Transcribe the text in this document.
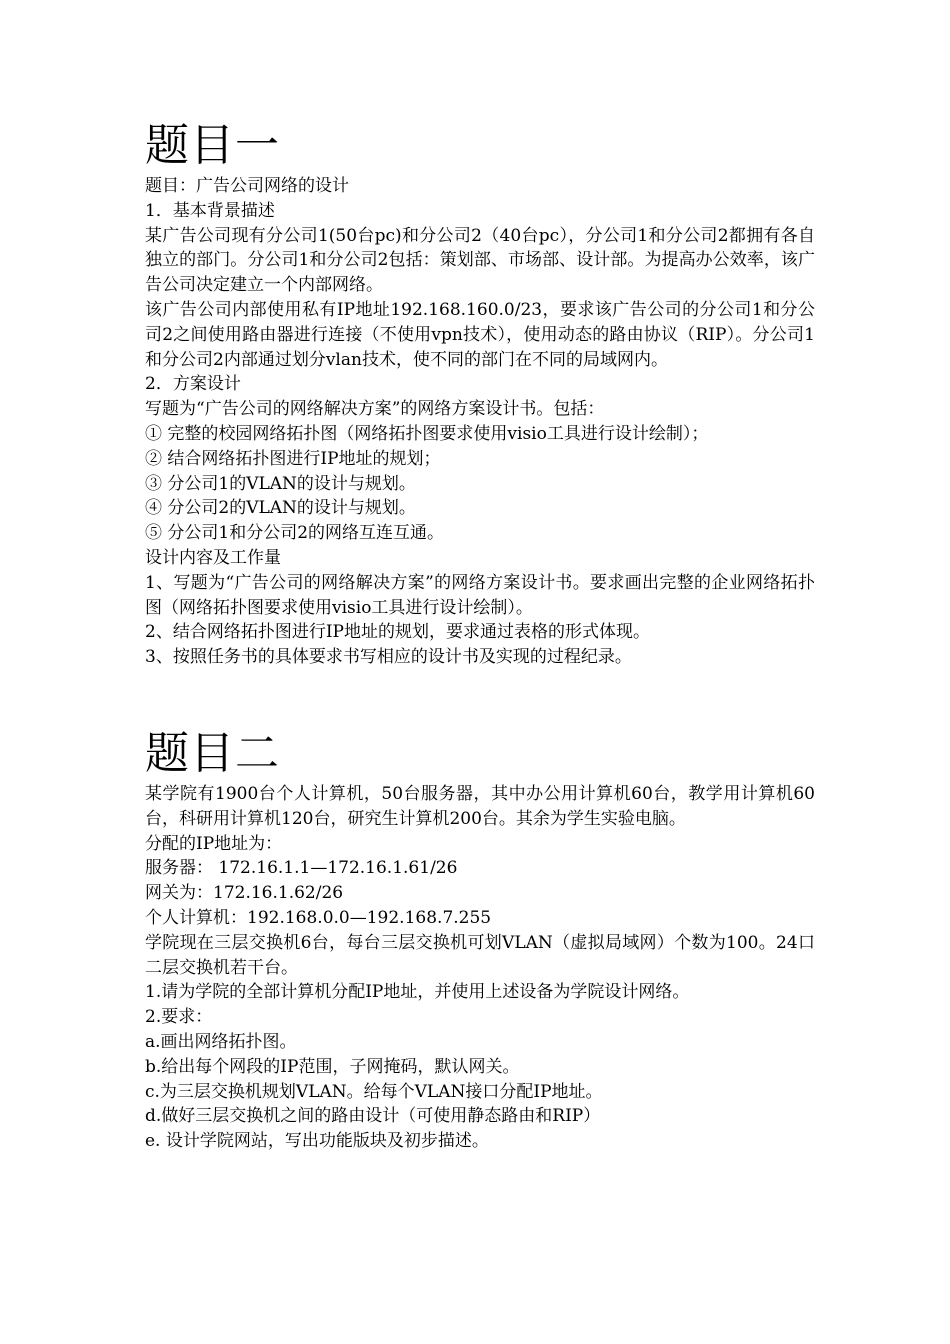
题目一

题目：广告公司网络的设计

1．基本背景描述

某广告公司现有分公司1(50台pc)和分公司2（40台pc），分公司1和分公司2都拥有各自独立的部门。分公司1和分公司2包括：策划部、市场部、设计部。为提高办公效率，该广告公司决定建立一个内部网络。

该广告公司内部使用私有IP地址192.168.160.0/23，要求该广告公司的分公司1和分公司2之间使用路由器进行连接（不使用vpn技术），使用动态的路由协议（RIP）。分公司1和分公司2内部通过划分vlan技术，使不同的部门在不同的局域网内。

2．方案设计

写题为“广告公司的网络解决方案”的网络方案设计书。包括：

① 完整的校园网络拓扑图（网络拓扑图要求使用visio工具进行设计绘制）；

② 结合网络拓扑图进行IP地址的规划；

③ 分公司1的VLAN的设计与规划。

④ 分公司2的VLAN的设计与规划。

⑤ 分公司1和分公司2的网络互连互通。

设计内容及工作量

1、写题为“广告公司的网络解决方案”的网络方案设计书。要求画出完整的企业网络拓扑图（网络拓扑图要求使用visio工具进行设计绘制）。

2、结合网络拓扑图进行IP地址的规划，要求通过表格的形式体现。

3、按照任务书的具体要求书写相应的设计书及实现的过程纪录。

题目二

某学院有1900台个人计算机，50台服务器，其中办公用计算机60台，教学用计算机60台，科研用计算机120台，研究生计算机200台。其余为学生实验电脑。

分配的IP地址为：

服务器： 172.16.1.1—172.16.1.61/26

网关为：172.16.1.62/26

个人计算机：192.168.0.0—192.168.7.255

学院现在三层交换机6台，每台三层交换机可划VLAN（虚拟局域网）个数为100。24口二层交换机若干台。

1.请为学院的全部计算机分配IP地址，并使用上述设备为学院设计网络。

2.要求：

a.画出网络拓扑图。

b.给出每个网段的IP范围，子网掩码，默认网关。

c.为三层交换机规划VLAN。给每个VLAN接口分配IP地址。

d.做好三层交换机之间的路由设计（可使用静态路由和RIP）

e. 设计学院网站，写出功能版块及初步描述。
